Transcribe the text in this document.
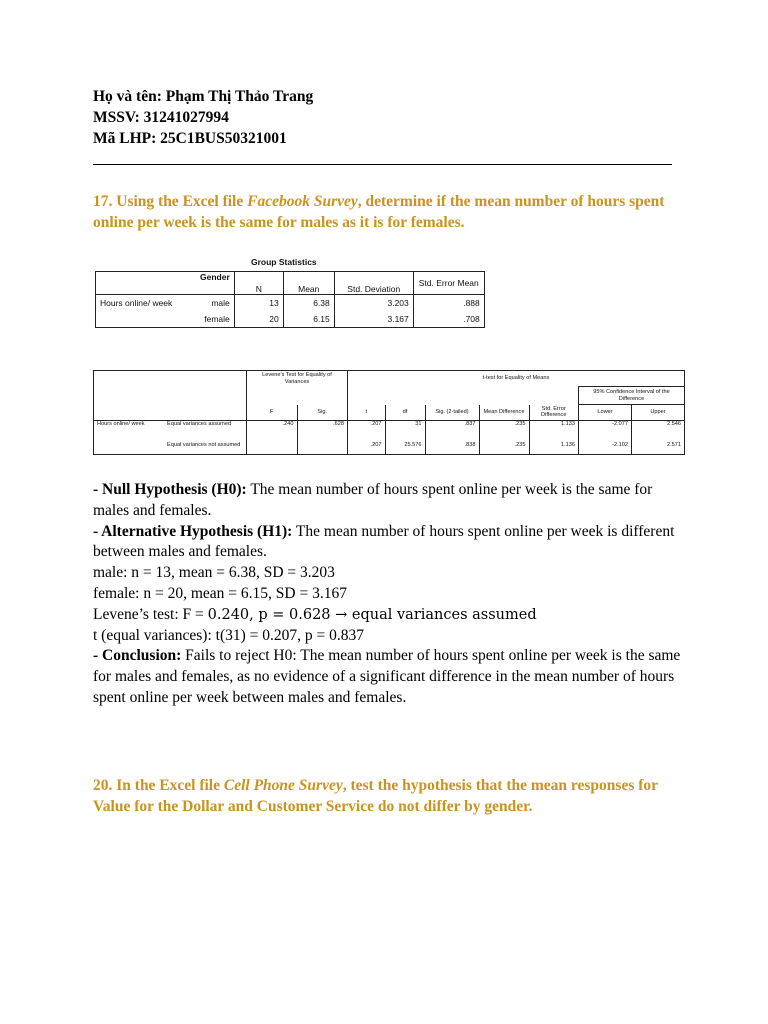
Họ và tên: Phạm Thị Thảo Trang
MSSV: 31241027994
Mã LHP: 25C1BUS50321001
17. Using the Excel file Facebook Survey, determine if the mean number of hours spent online per week is the same for males as it is for females.
Group Statistics
	Gender	N	Mean	Std. Deviation	Std. Error Mean
Hours online/ week	male	13	6.38	3.203	.888
	female	20	6.15	3.167	.708
		Levene's Test for Equality of Variances		t-test for Equality of Means						
									95% Confidence Interval of the Difference	
		F	Sig.	t	df	Sig. (2-tailed)	Mean Difference	Std. Error Difference	Lower	Upper
Hours online/ week	Equal variances assumed	.240	.628	.207	31	.837	.235	1.133	-2.077	2.546
	Equal variances not assumed			.207	25.576	.838	.235	1.136	-2.102	2.571

- Null Hypothesis (H0): The mean number of hours spent online per week is the same for males and females.

- Alternative Hypothesis (H1): The mean number of hours spent online per week is different between males and females.

male: n = 13, mean = 6.38, SD = 3.203

female: n = 20, mean = 6.15, SD = 3.167

Levene’s test: F = 0.240, p = 0.628 → equal variances assumed

t (equal variances): t(31) = 0.207, p = 0.837

- Conclusion: Fails to reject H0: The mean number of hours spent online per week is the same for males and females, as no evidence of a significant difference in the mean number of hours spent online per week between males and females.

20. In the Excel file Cell Phone Survey, test the hypothesis that the mean responses for Value for the Dollar and Customer Service do not differ by gender.
